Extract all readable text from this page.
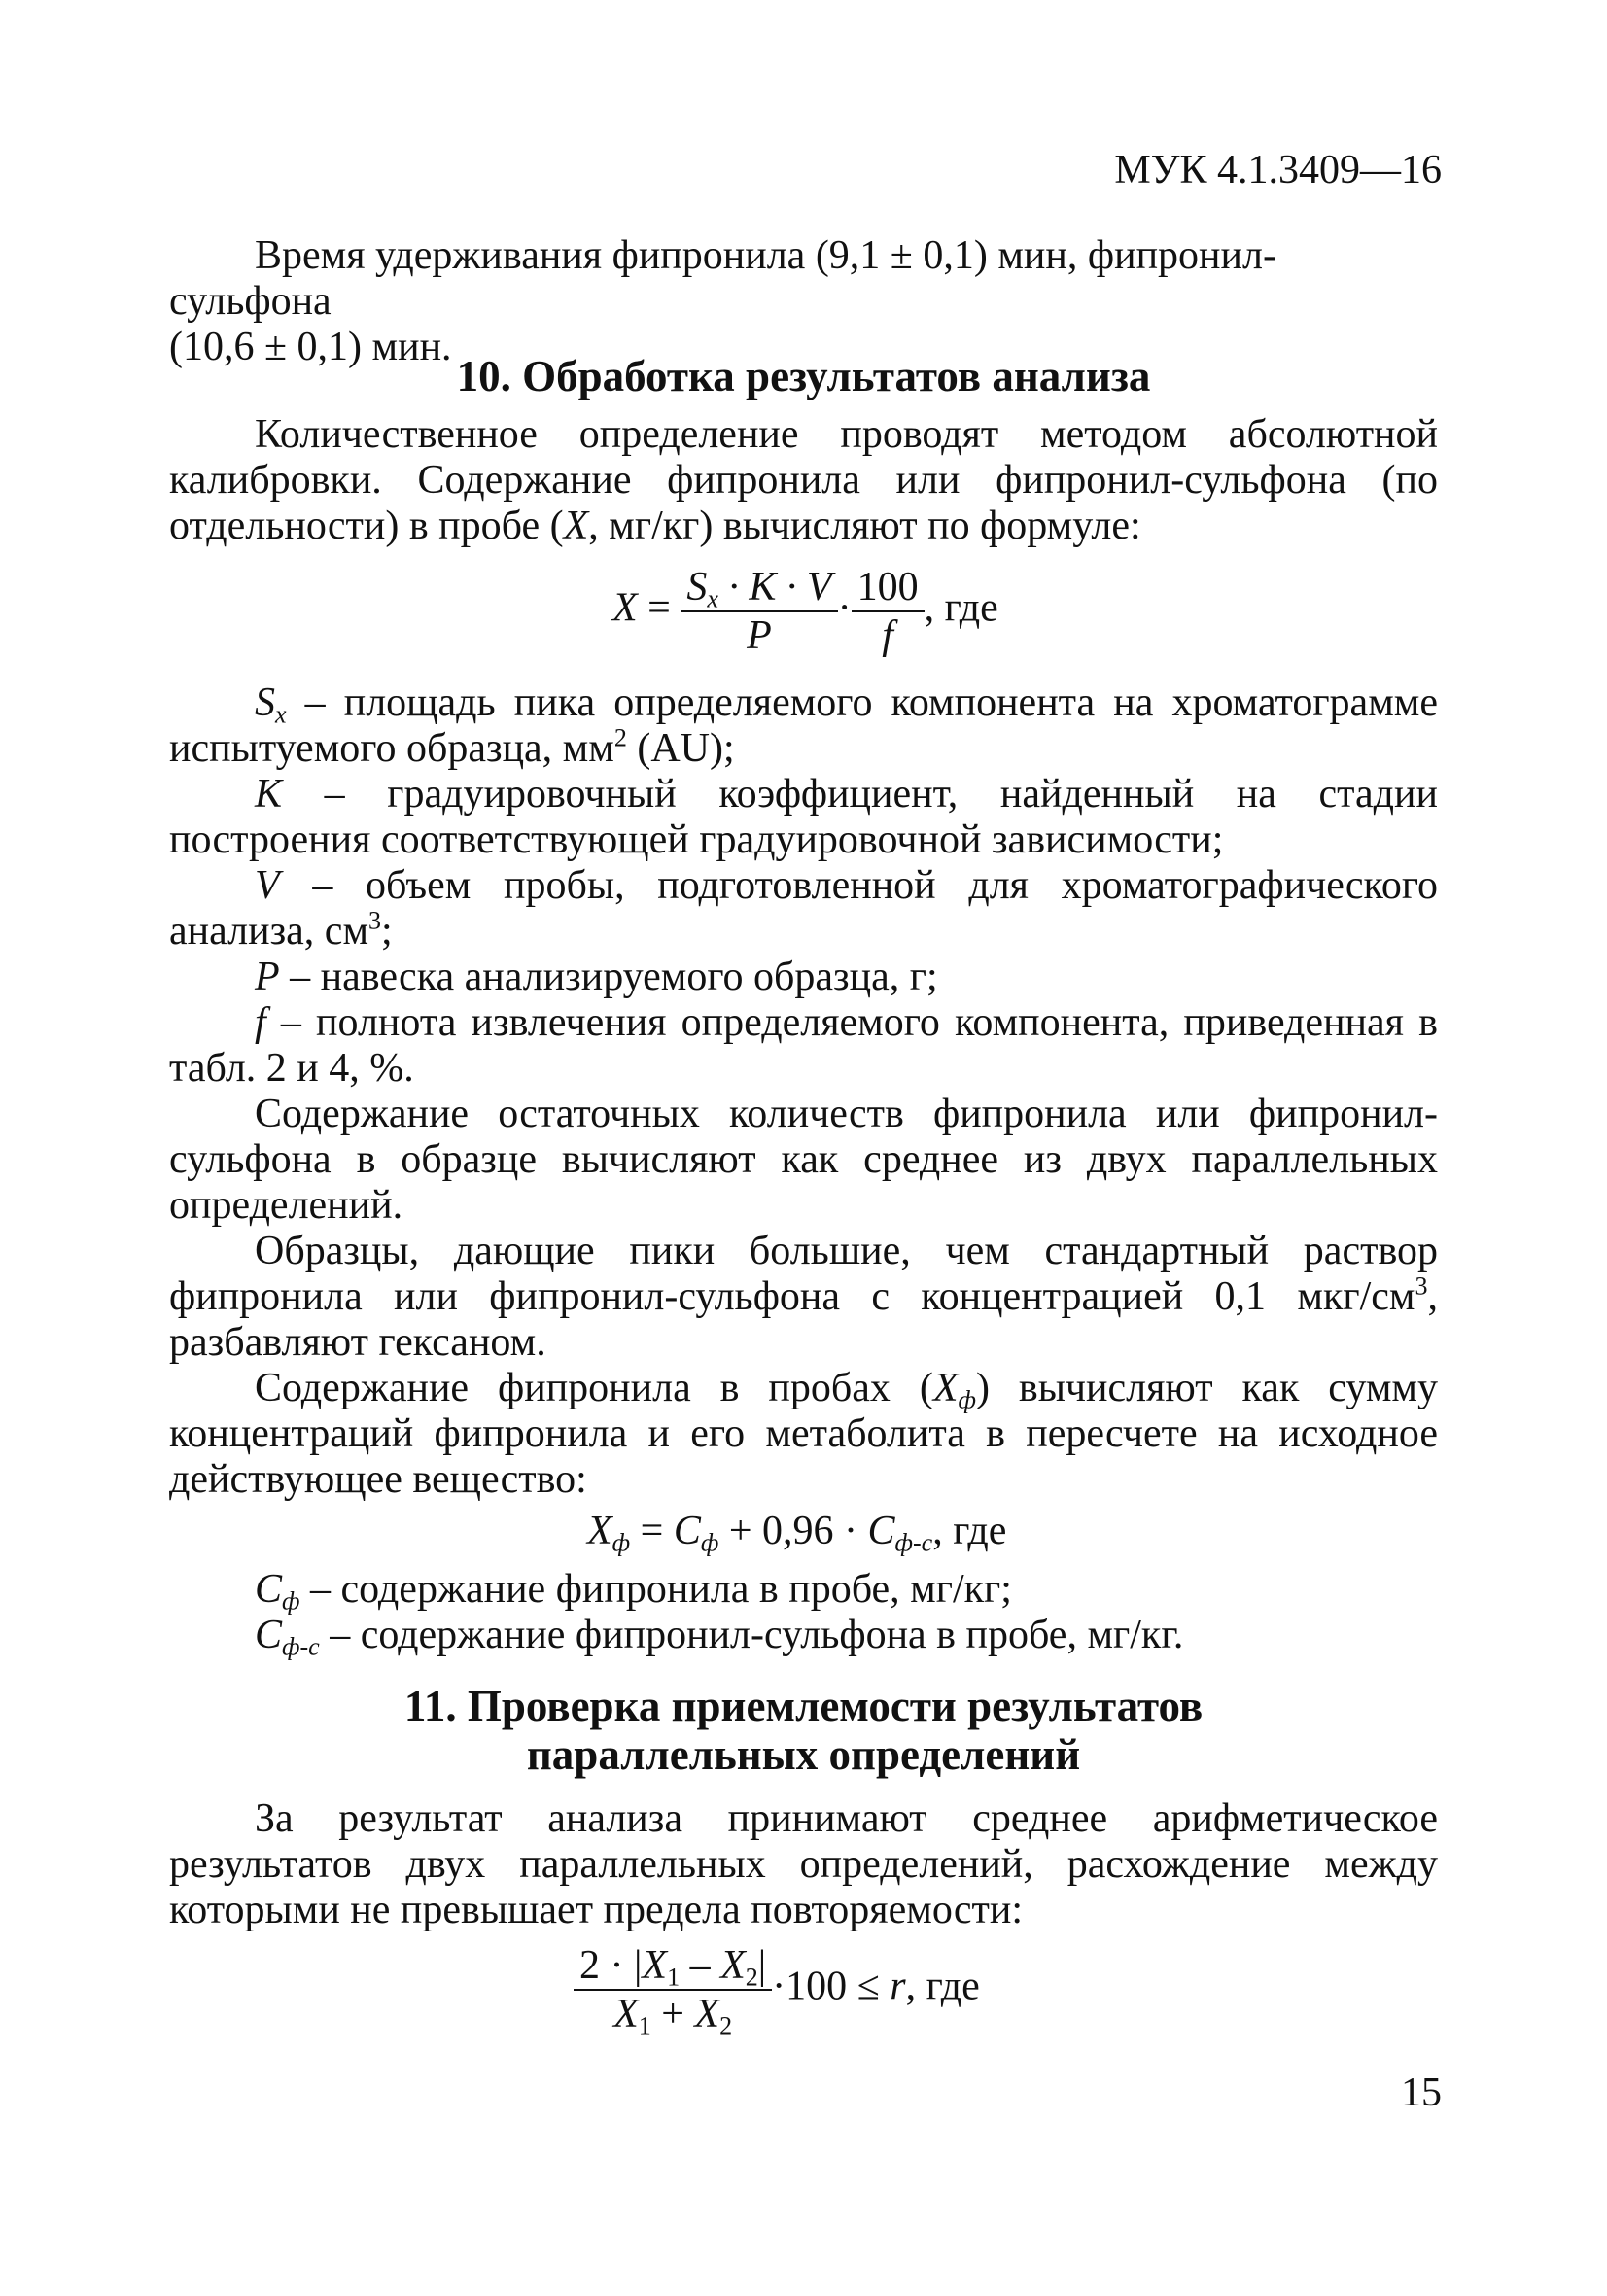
МУК 4.1.3409—16

Время удерживания фипронила (9,1 ± 0,1) мин, фипронил-сульфона

(10,6 ± 0,1) мин.

10. Обработка результатов анализа

Количественное определение проводят методом абсолютной калибровки. Содержание фипронила или фипронил-сульфона (по отдельности) в пробе (X, мг/кг) вычисляют по формуле:

$X = \frac{S_x \cdot K \cdot V}{P} \cdot \frac{100}{f}$ , где

$S_x$ – площадь пика определяемого компонента на хроматограмме испытуемого образца, $мм^2$ (AU);

K – градуировочный коэффициент, найденный на стадии построения соответствующей градуировочной зависимости;

V – объем пробы, подготовленной для хроматографического анализа, $см^3$;

P – навеска анализируемого образца, г;

f – полнота извлечения определяемого компонента, приведенная в табл. 2 и 4, %.

Содержание остаточных количеств фипронила или фипронил-сульфона в образце вычисляют как среднее из двух параллельных определений.

Образцы, дающие пики большие, чем стандартный раствор фипронила или фипронил-сульфона с концентрацией 0,1 мкг/$см^3$, разбавляют гексаном.

Содержание фипронила в пробах $(X_ф)$ вычисляют как сумму концентраций фипронила и его метаболита в пересчете на исходное действующее вещество:

$X_ф = C_ф + 0,96 \cdot C_{ф-с}$, где

$C_ф$ – содержание фипронила в пробе, мг/кг;

$C_{ф-с}$ – содержание фипронил-сульфона в пробе, мг/кг.

11. Проверка приемлемости результатов
параллельных определений

За результат анализа принимают среднее арифметическое результатов двух параллельных определений, расхождение между которыми не превышает предела повторяемости:

$\frac{2 \cdot |X1 - X2|}{X1 + X2} \cdot 100 \le r$, где
15
